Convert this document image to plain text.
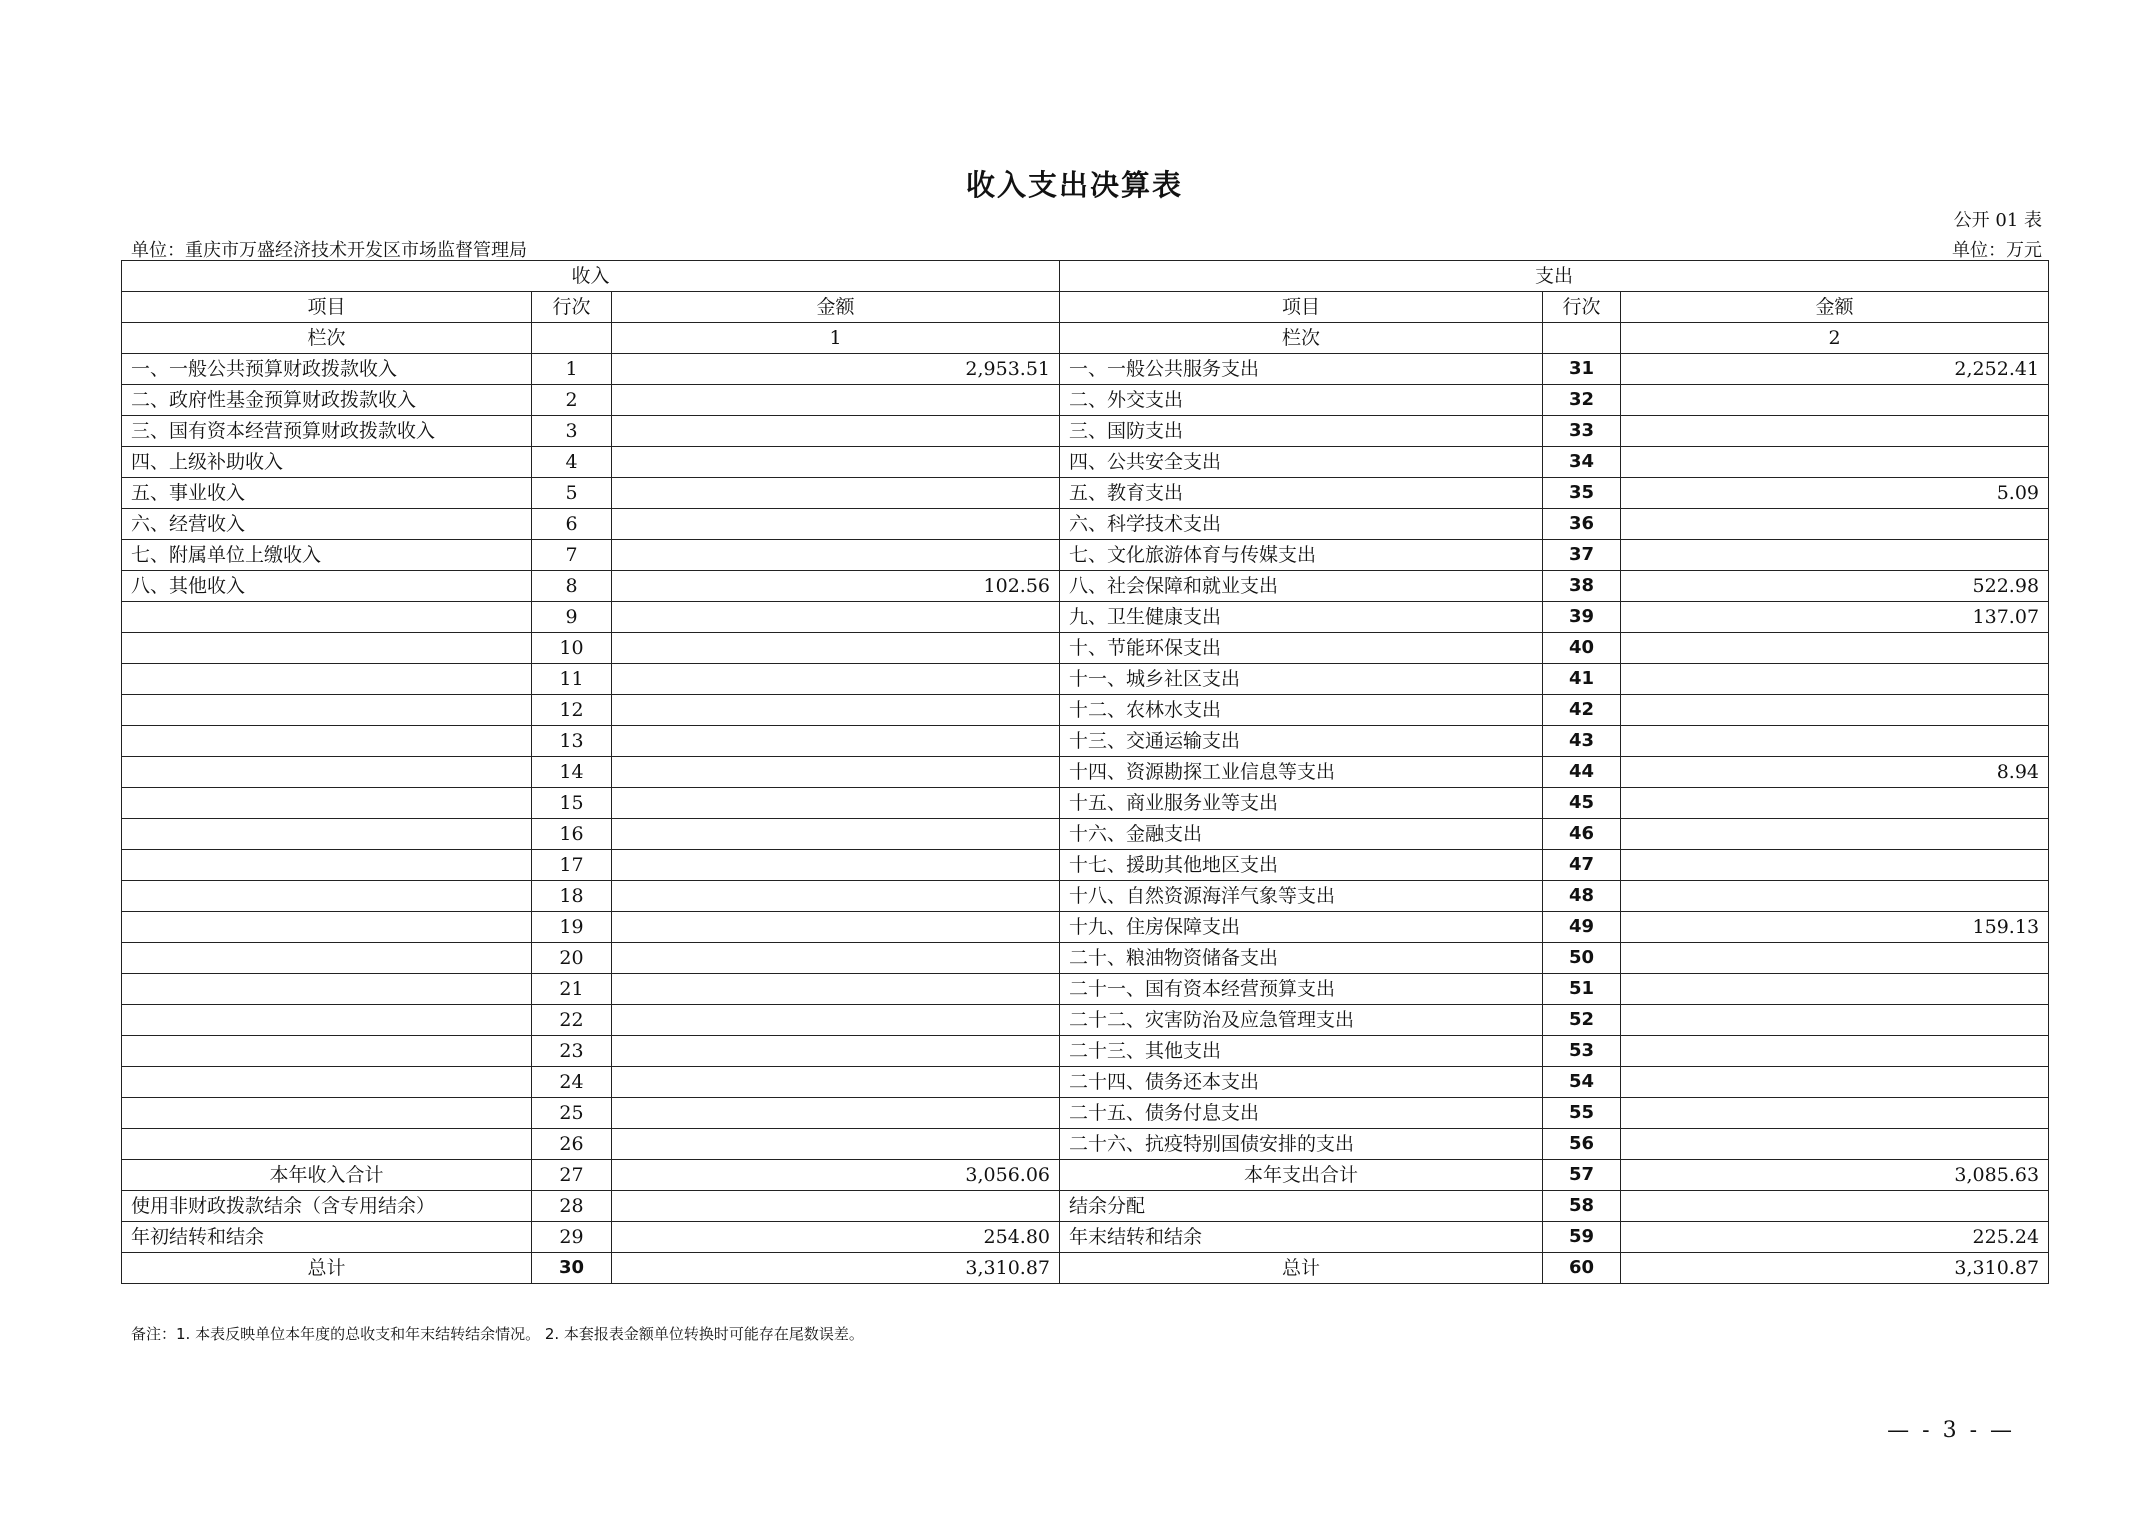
收入支出决算表
公开 01 表
单位：重庆市万盛经济技术开发区市场监督管理局	单位：万元
收入			支出		
项目	行次	金额	项目	行次	金额
栏次		1	栏次		2
一、一般公共预算财政拨款收入	1	2,953.51	一、一般公共服务支出	31	2,252.41
二、政府性基金预算财政拨款收入	2		二、外交支出	32	
三、国有资本经营预算财政拨款收入	3		三、国防支出	33	
四、上级补助收入	4		四、公共安全支出	34	
五、事业收入	5		五、教育支出	35	5.09
六、经营收入	6		六、科学技术支出	36	
七、附属单位上缴收入	7		七、文化旅游体育与传媒支出	37	
八、其他收入	8	102.56	八、社会保障和就业支出	38	522.98
	9		九、卫生健康支出	39	137.07
	10		十、节能环保支出	40	
	11		十一、城乡社区支出	41	
	12		十二、农林水支出	42	
	13		十三、交通运输支出	43	
	14		十四、资源勘探工业信息等支出	44	8.94
	15		十五、商业服务业等支出	45	
	16		十六、金融支出	46	
	17		十七、援助其他地区支出	47	
	18		十八、自然资源海洋气象等支出	48	
	19		十九、住房保障支出	49	159.13
	20		二十、粮油物资储备支出	50	
	21		二十一、国有资本经营预算支出	51	
	22		二十二、灾害防治及应急管理支出	52	
	23		二十三、其他支出	53	
	24		二十四、债务还本支出	54	
	25		二十五、债务付息支出	55	
	26		二十六、抗疫特别国债安排的支出	56	
本年收入合计	27	3,056.06	本年支出合计	57	3,085.63
使用非财政拨款结余（含专用结余）	28		结余分配	58	
年初结转和结余	29	254.80	年末结转和结余	59	225.24
总计	30	3,310.87	总计	60	3,310.87
备注：1. 本表反映单位本年度的总收支和年末结转结余情况。 2. 本套报表金额单位转换时可能存在尾数误差。
— - 3 - —
